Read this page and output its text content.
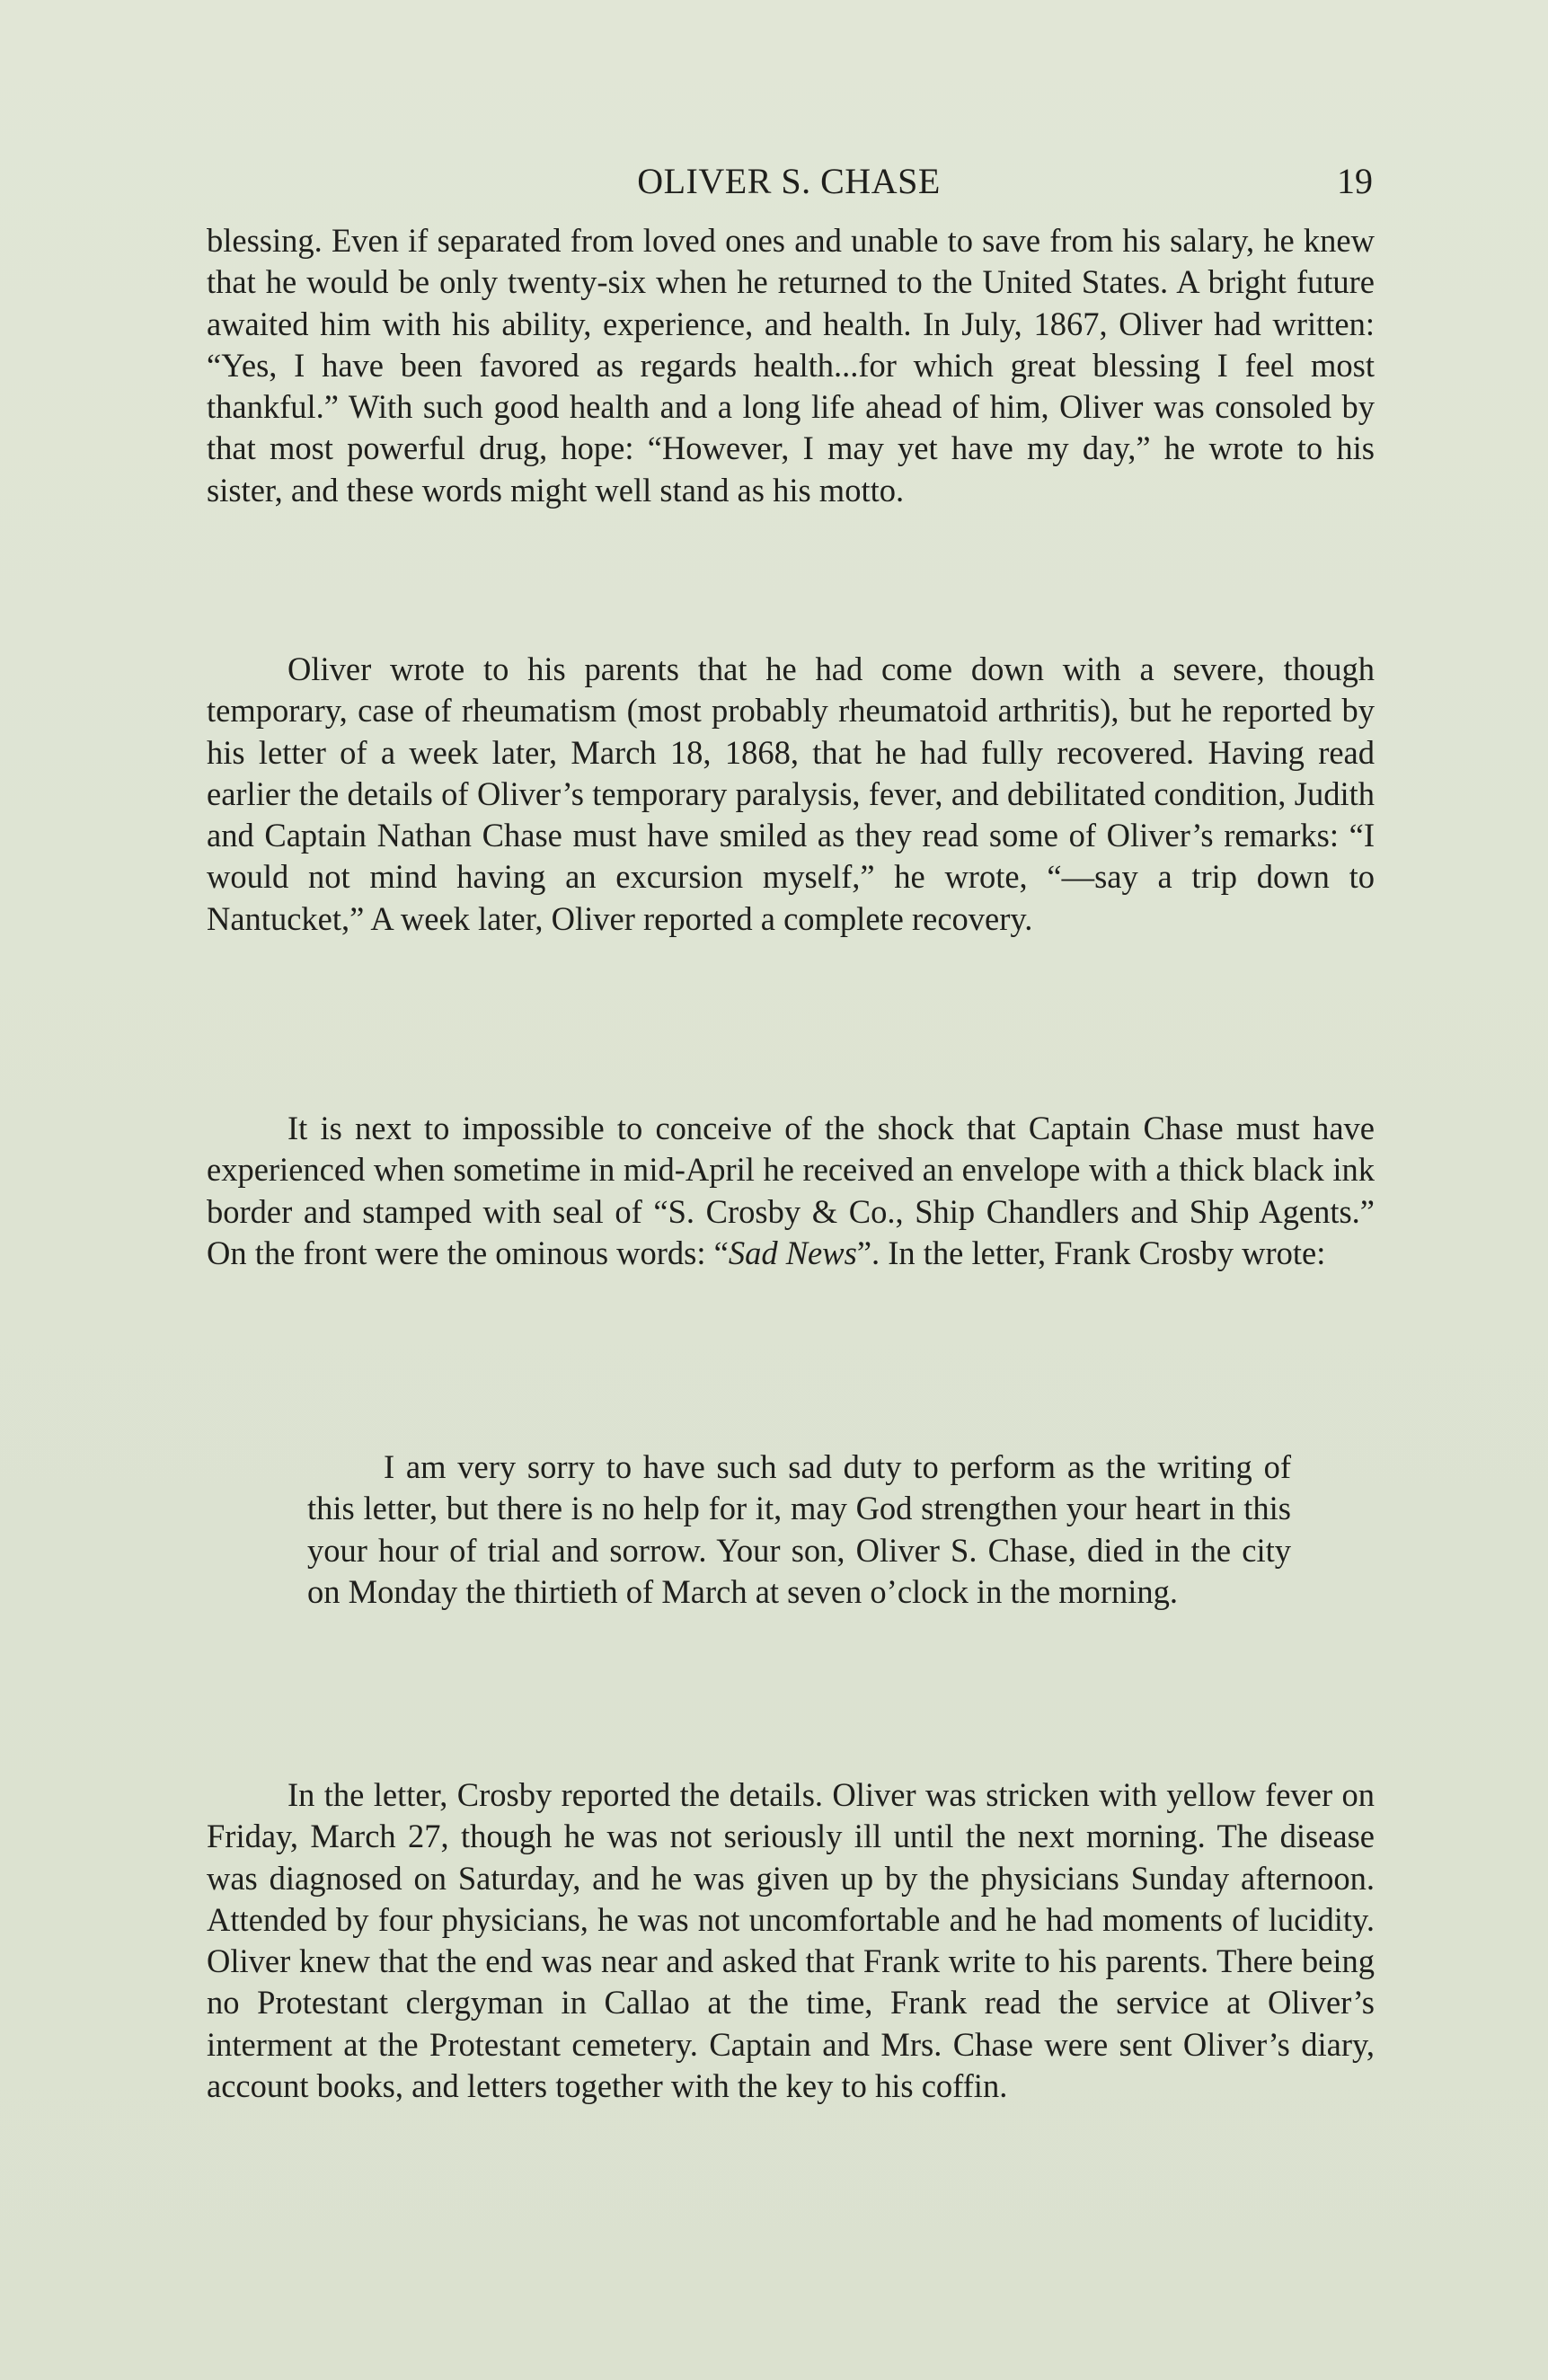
OLIVER S. CHASE	19

blessing. Even if separated from loved ones and unable to save from his salary, he knew that he would be only twenty-six when he returned to the United States. A bright future awaited him with his ability, experience, and health. In July, 1867, Oliver had written: “Yes, I have been favored as regards health...for which great blessing I feel most thankful.” With such good health and a long life ahead of him, Oliver was consoled by that most powerful drug, hope: “However, I may yet have my day,” he wrote to his sister, and these words might well stand as his motto.

Oliver wrote to his parents that he had come down with a severe, though temporary, case of rheumatism (most probably rheumatoid arthritis), but he reported by his letter of a week later, March 18, 1868, that he had fully recovered. Having read earlier the details of Oliver’s temporary paralysis, fever, and debilitated condition, Judith and Captain Nathan Chase must have smiled as they read some of Oliver’s remarks: “I would not mind having an excursion myself,” he wrote, “—say a trip down to Nantucket,” A week later, Oliver reported a complete recovery.

It is next to impossible to conceive of the shock that Captain Chase must have experienced when sometime in mid-April he received an envelope with a thick black ink border and stamped with seal of “S. Crosby & Co., Ship Chandlers and Ship Agents.” On the front were the ominous words: “Sad News”. In the letter, Frank Crosby wrote:

I am very sorry to have such sad duty to perform as the writing of this letter, but there is no help for it, may God strengthen your heart in this your hour of trial and sorrow. Your son, Oliver S. Chase, died in the city on Monday the thirtieth of March at seven o’clock in the morning.

In the letter, Crosby reported the details. Oliver was stricken with yellow fever on Friday, March 27, though he was not seriously ill until the next morning. The disease was diagnosed on Saturday, and he was given up by the physicians Sunday afternoon. Attended by four physicians, he was not uncomfortable and he had moments of lucidity. Oliver knew that the end was near and asked that Frank write to his parents. There being no Protestant clergyman in Callao at the time, Frank read the service at Oliver’s interment at the Protestant cemetery. Captain and Mrs. Chase were sent Oliver’s diary, account books, and letters together with the key to his coffin.
